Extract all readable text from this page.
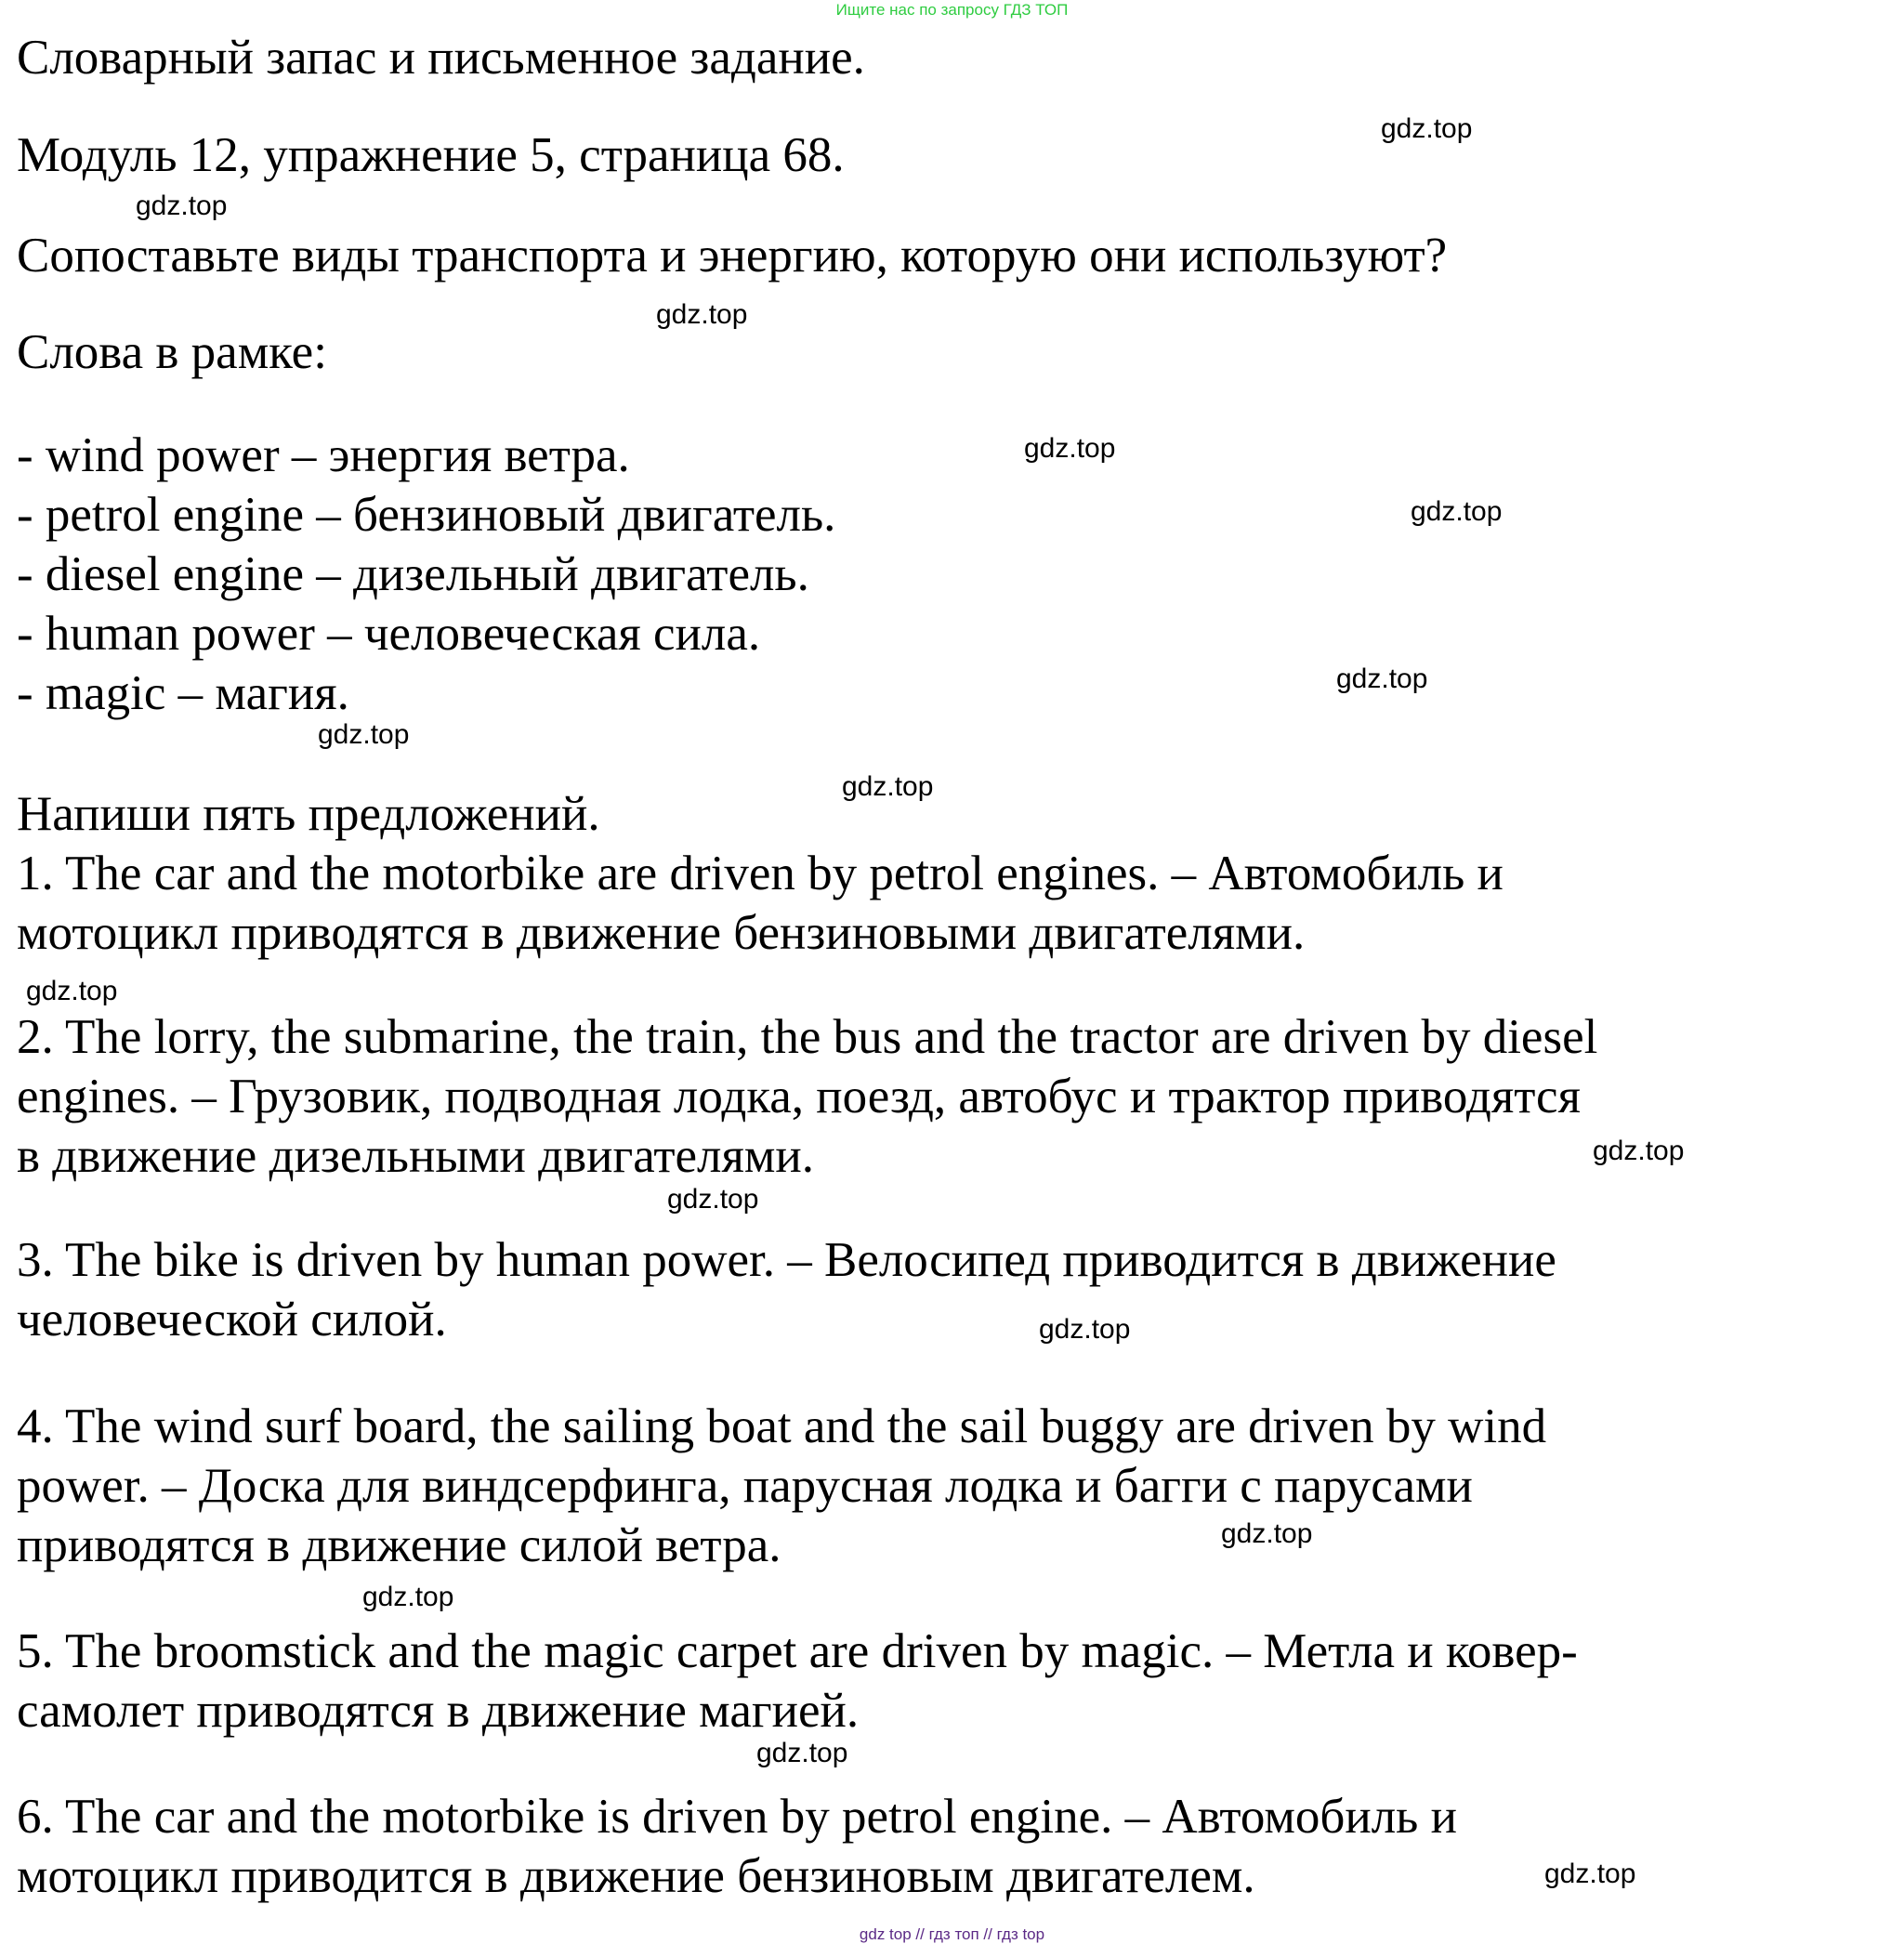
Ищите нас по запросу ГДЗ ТОП
Словарный запас и письменное задание.
Модуль 12, упражнение 5, страница 68.
Сопоставьте виды транспорта и энергию, которую они используют?
Слова в рамке:
- wind power – энергия ветра.
- petrol engine – бензиновый двигатель.
- diesel engine – дизельный двигатель.
- human power – человеческая сила.
- magic – магия.
Напиши пять предложений.
1. The car and the motorbike are driven by petrol engines. – Автомобиль и
мотоцикл приводятся в движение бензиновыми двигателями.
2. The lorry, the submarine, the train, the bus and the tractor are driven by diesel
engines. – Грузовик, подводная лодка, поезд, автобус и трактор приводятся
в движение дизельными двигателями.
3. The bike is driven by human power. – Велосипед приводится в движение
человеческой силой.
4. The wind surf board, the sailing boat and the sail buggy are driven by wind
power. – Доска для виндсерфинга, парусная лодка и багги с парусами
приводятся в движение силой ветра.
5. The broomstick and the magic carpet are driven by magic. – Метла и ковер-
самолет приводятся в движение магией.
6. The car and the motorbike is driven by petrol engine. – Автомобиль и
мотоцикл приводится в движение бензиновым двигателем.
gdz.top
gdz.top
gdz.top
gdz.top
gdz.top
gdz.top
gdz.top
gdz.top
gdz.top
gdz.top
gdz.top
gdz.top
gdz.top
gdz.top
gdz.top
gdz.top
gdz top // гдз топ // гдз top
